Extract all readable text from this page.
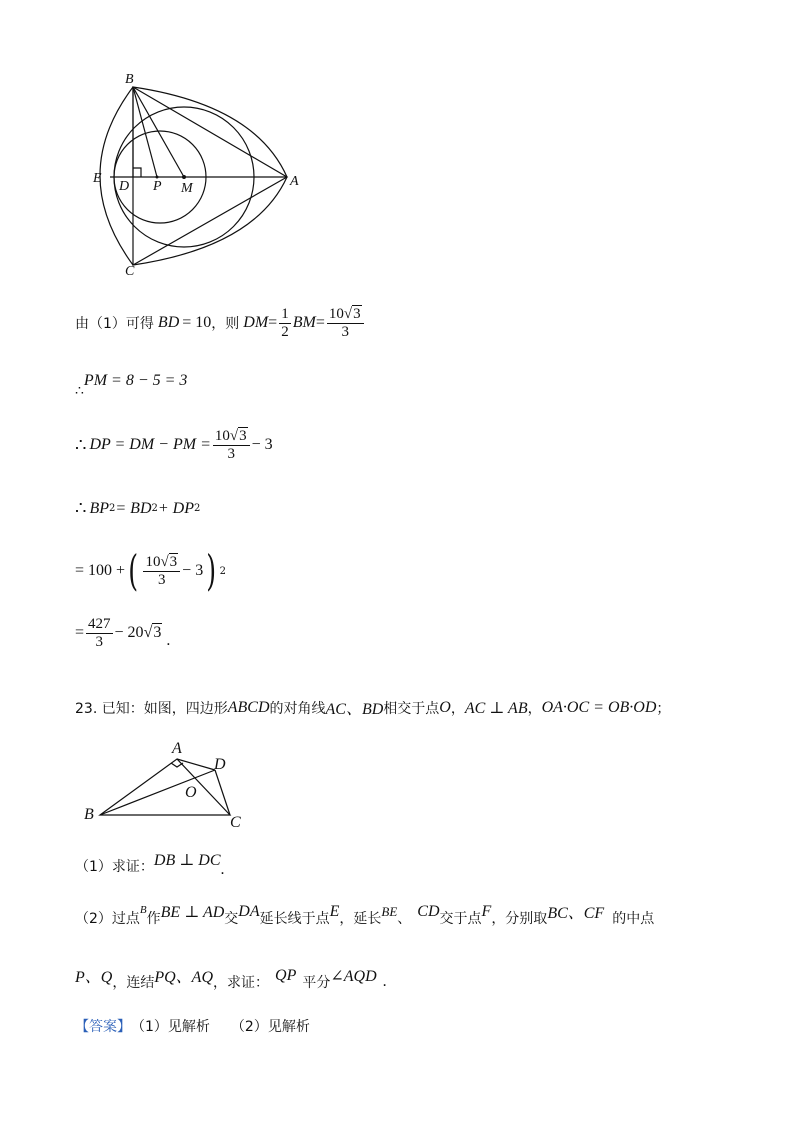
B
E
D P M	A
C
由（1）可得 BD = 10 ，则 DM = $\frac{1}{2}$ BM = $\frac{10√3}{3}$
∴
PM = 8 − 5 = 3
∴ DP = DM − PM = $\frac{10√3}{3} - 3$
∴ BP 2 = BD 2 + DP 2
= 100 + ( $\frac{10√3}{3} - 3$ ) 2
= $\frac{427}{3} - 20$ √3 .
23. 已知：如图，四边形 ABCD 的对角线 AC、BD 相交于点 O ， AC ⊥ AB ， OA·OC = OB·OD ；
A
D
O
B	C
（1）求证： DB ⊥ DC
.
（2）过点
B
作 BE ⊥ AD 交 DA 延长线于点 E ，延长 BE 、 CD 交于点 F ，分别取 BC、CF 的中点
P、Q ，连结 PQ、AQ ，求证： QP 平分 ∠AQD .
【答案】 （1）见解析　　（2）见解析
